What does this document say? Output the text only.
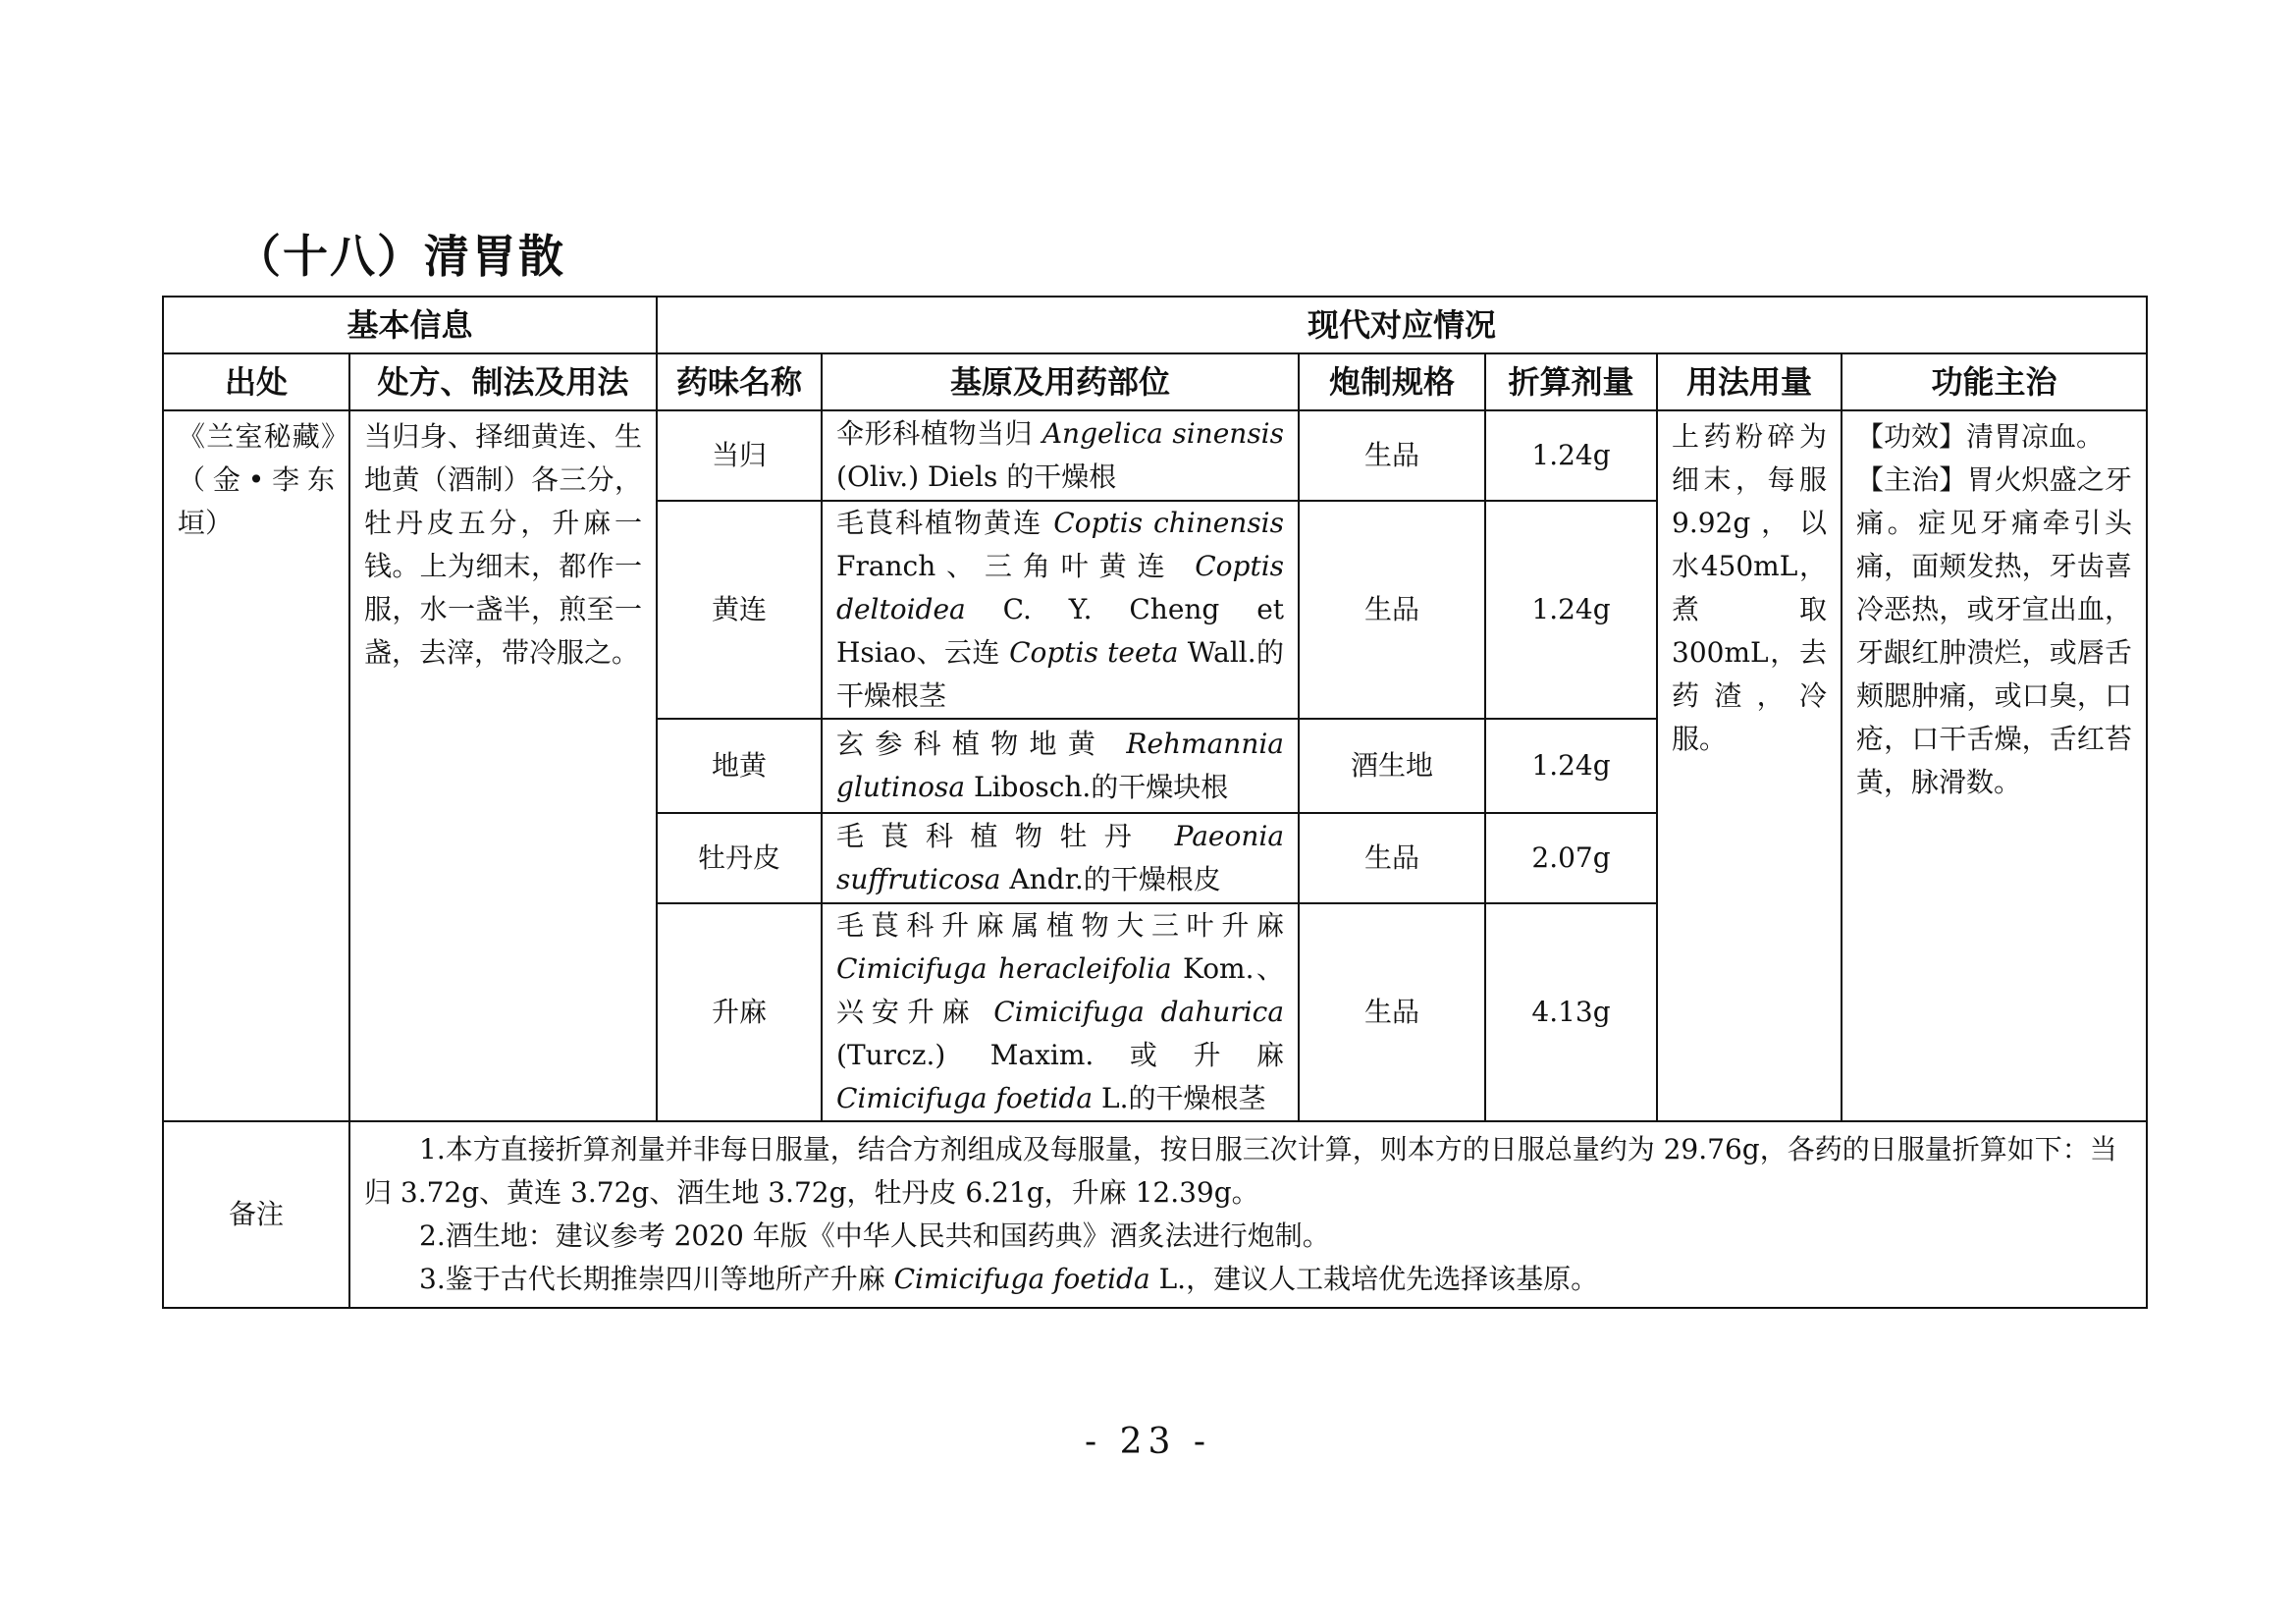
（十八）清胃散
基本信息		现代对应情况					
出处	处方、制法及用法	药味名称	基原及用药部位	炮制规格	折算剂量	用法用量	功能主治
《兰室秘藏》（金•李东垣）	当归身、择细黄连、生地黄（酒制）各三分，牡丹皮五分，升麻一钱。上为细末，都作一服，水一盏半，煎至一盏，去滓，带冷服之。	当归	伞形科植物当归 Angelica sinensis (Oliv.) Diels 的干燥根	生品	1.24g	上药粉碎为细末，每服9.92g，以水450mL，煮取300mL，去药渣，冷服。	【功效】清胃凉血。
【主治】胃火炽盛之牙痛。症见牙痛牵引头痛，面颊发热，牙齿喜冷恶热，或牙宣出血，牙龈红肿溃烂，或唇舌颊腮肿痛，或口臭，口疮，口干舌燥，舌红苔黄，脉滑数。

		黄连	毛茛科植物黄连 Coptis chinensis Franch、三角叶黄连 Coptis deltoidea C. Y. Cheng et Hsiao、云连 Coptis teeta Wall.的干燥根茎	生品	1.24g		
		地黄	玄参科植物地黄 Rehmannia glutinosa Libosch.的干燥块根	酒生地	1.24g		
		牡丹皮	毛茛科植物牡丹 Paeonia suffruticosa Andr.的干燥根皮	生品	2.07g		
		升麻	毛茛科升麻属植物大三叶升麻 Cimicifuga heracleifolia Kom.、兴安升麻 Cimicifuga dahurica (Turcz.) Maxim.或升麻 Cimicifuga foetida L.的干燥根茎	生品	4.13g		
备注	1.本方直接折算剂量并非每日服量，结合方剂组成及每服量，按日服三次计算，则本方的日服总量约为 29.76g，各药的日服量折算如下：当归 3.72g、黄连 3.72g、酒生地 3.72g，牡丹皮 6.21g，升麻 12.39g。

2.酒生地：建议参考 2020 年版《中华人民共和国药典》酒炙法进行炮制。

3.鉴于古代长期推崇四川等地所产升麻 Cimicifuga foetida L.，建议人工栽培优先选择该基原。						

- 23 -
